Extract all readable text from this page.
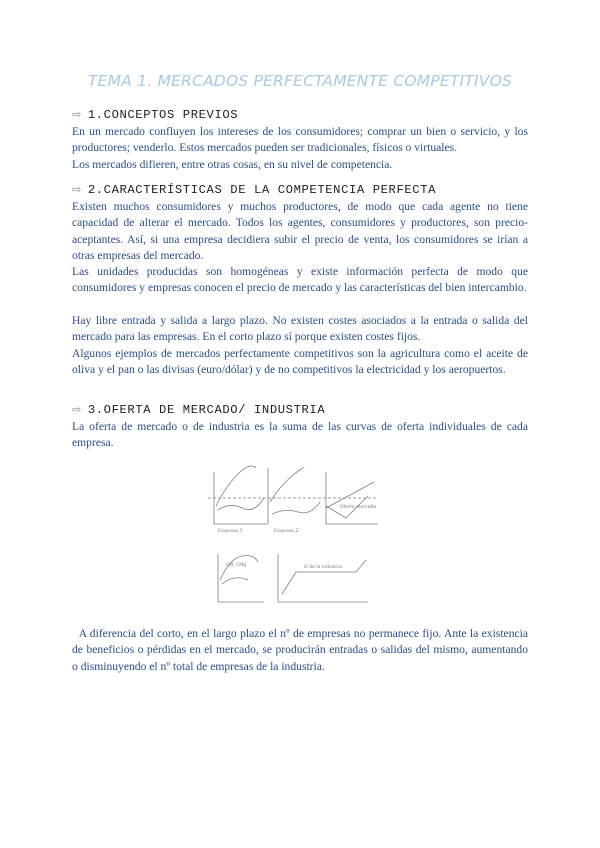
TEMA 1. MERCADOS PERFECTAMENTE COMPETITIVOS
⇨ 1.CONCEPTOS PREVIOS
En un mercado confluyen los intereses de los consumidores; comprar un bien o servicio, y los productores; venderlo. Estos mercados pueden ser tradicionales, físicos o virtuales.
Los mercados difieren, entre otras cosas, en su nivel de competencia.
⇨ 2.CARACTERÍSTICAS DE LA COMPETENCIA PERFECTA
Existen muchos consumidores y muchos productores, de modo que cada agente no tiene capacidad de alterar el mercado. Todos los agentes, consumidores y productores, son precio-aceptantes. Así, si una empresa decidiera subir el precio de venta, los consumidores se irían a otras empresas del mercado.
Las unidades producidas son homogéneas y existe información perfecta de modo que consumidores y empresas conocen el precio de mercado y las características del bien intercambio.
Hay libre entrada y salida a largo plazo. No existen costes asociados a la entrada o salida del mercado para las empresas. En el corto plazo sí porque existen costes fijos.
Algunos ejemplos de mercados perfectamente competitivos son la agricultura como el aceite de oliva y el pan o las divisas (euro/dólar) y de no competitivos la electricidad y los aeropuertos.
⇨ 3.OFERTA DE MERCADO/ INDUSTRIA
La oferta de mercado o de industria es la suma de las curvas de oferta individuales de cada empresa.
Empresa 1	Empresa 2
Oferta mercado
CM, CMg	O de la industria
A diferencia del corto, en el largo plazo el nº de empresas no permanece fijo. Ante la existencia de beneficios o pérdidas en el mercado, se producirán entradas o salidas del mismo, aumentando o disminuyendo el nº total de empresas de la industria.
